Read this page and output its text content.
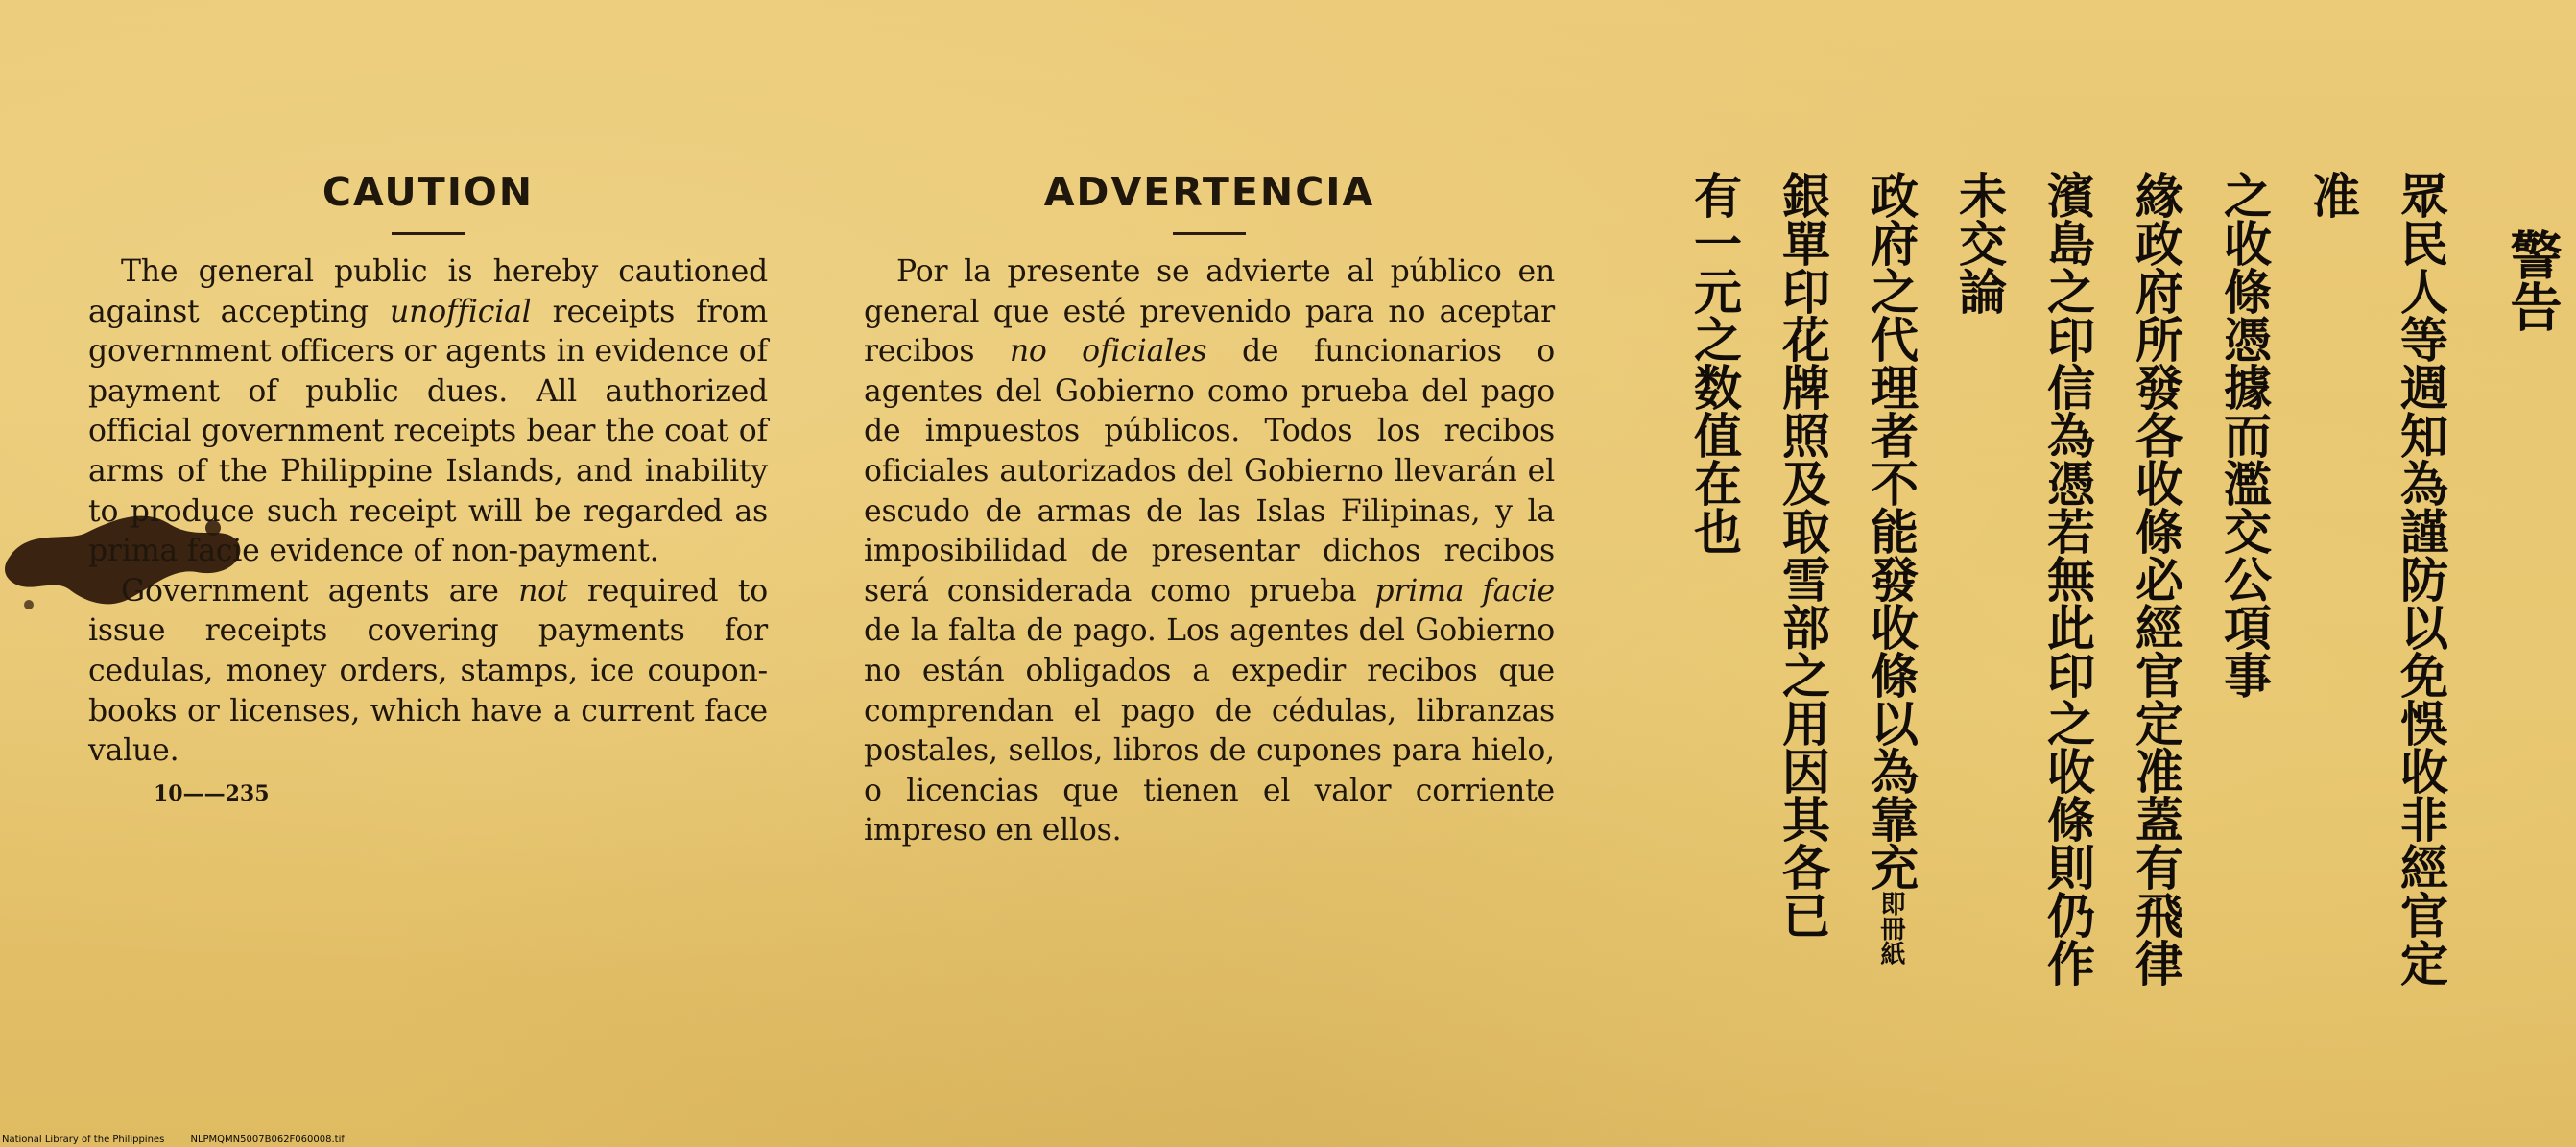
CAUTION

The general public is hereby cautioned against accepting unofficial receipts from government officers or agents in evidence of payment of public dues. All authorized official government receipts bear the coat of arms of the Philippine Islands, and inability to produce such receipt will be regarded as prima facie evidence of non-payment.

Government agents are not required to issue receipts covering payments for cedulas, money orders, stamps, ice coupon-books or licenses, which have a current face value.

10——235
ADVERTENCIA

Por la presente se advierte al público en general que esté prevenido para no aceptar recibos no oficiales de funcionarios o agentes del Gobierno como prueba del pago de impuestos públicos. Todos los recibos oficiales autorizados del Gobierno llevarán el escudo de armas de las Islas Filipinas, y la imposibilidad de presentar dichos recibos será considerada como prueba prima facie de la falta de pago. Los agentes del Gobierno no están obligados a expedir recibos que comprendan el pago de cédulas, libranzas postales, sellos, libros de cupones para hielo, o licencias que tienen el valor corriente impreso en ellos.

警告
眾民人等週知為謹防以免悞收非經官定准
之收條憑據而濫交公項事
緣政府所發各收條必經官定准蓋有飛律
濱島之印信為憑若無此印之收條則仍作
未交論
政府之代理者不能發收條以為靠充即冊紙
銀單印花牌照及取雪部之用因其各已
有一元之数值在也
National Library of the Philippines	NLPMQMN5007B062F060008.tif
